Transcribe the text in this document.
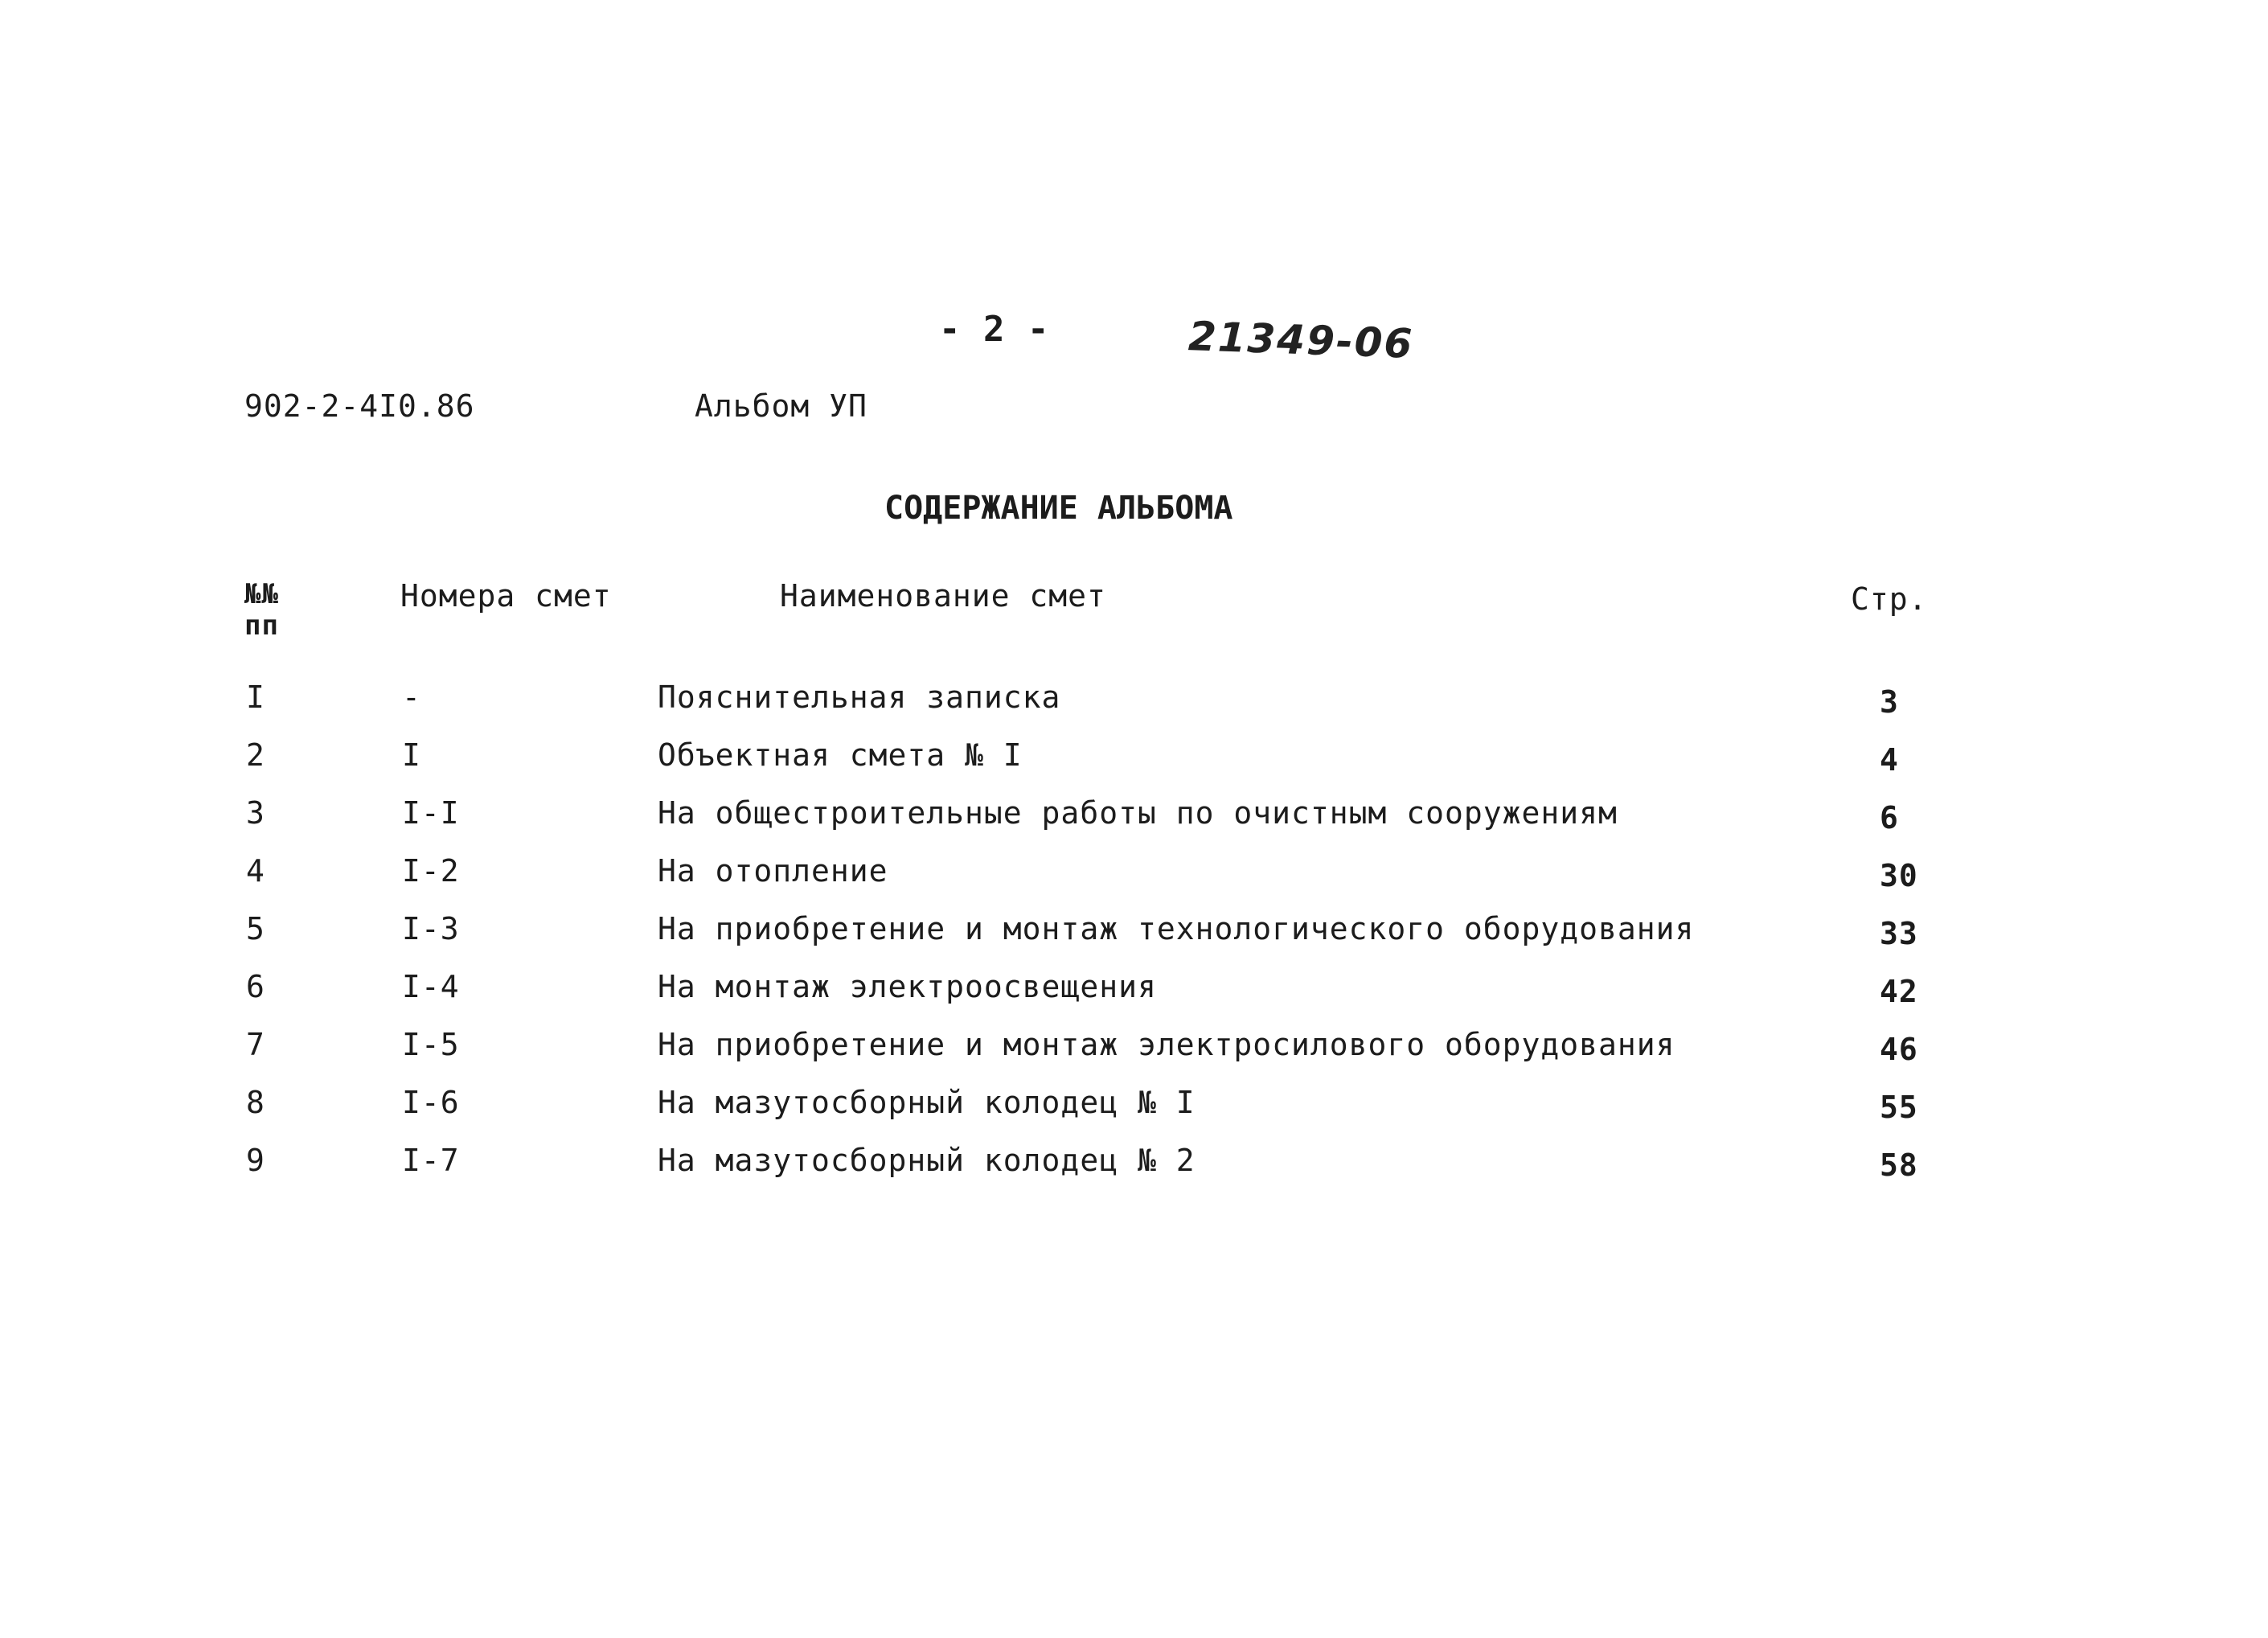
- 2 -	21349-06
902-2-4I0.86	Альбом УП
СОДЕРЖАНИЕ АЛЬБОМА
№№ пп
Номера смет	Наименование смет	Стр.
I	-	Пояснительная записка	3
2	I	Объектная смета № I	4
3	I-I	На общестроительные работы по очистным сооружениям	6
4	I-2	На отопление	30
5	I-3	На приобретение и монтаж технологического оборудования	33
6	I-4	На монтаж электроосвещения	42
7	I-5	На приобретение и монтаж электросилового оборудования	46
8	I-6	На мазутосборный колодец № I	55
9	I-7	На мазутосборный колодец № 2	58
